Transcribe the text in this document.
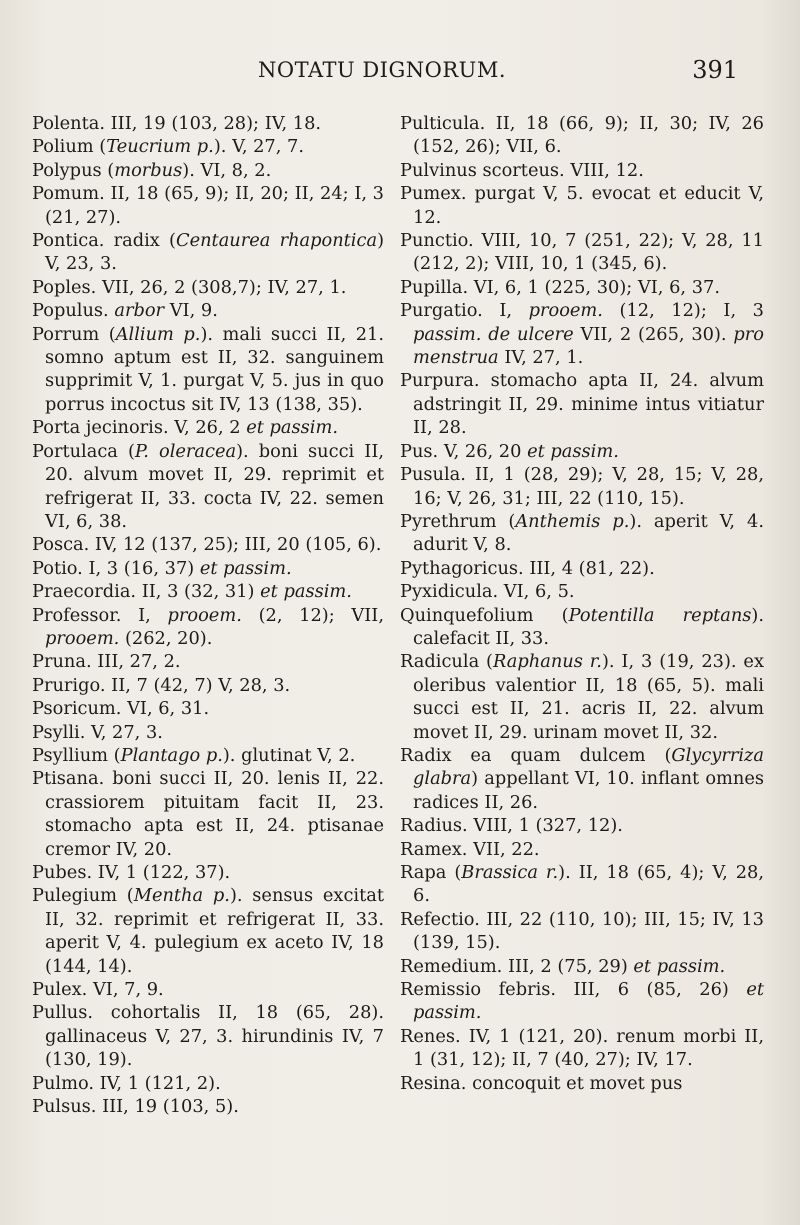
NOTATU DIGNORUM.	391

Polenta. III, 19 (103, 28); IV, 18.

Polium (Teucrium p.). V, 27, 7.

Polypus (morbus). VI, 8, 2.

Pomum. II, 18 (65, 9); II, 20; II, 24; I, 3 (21, 27).

Pontica. radix (Centaurea rhapontica) V, 23, 3.

Poples. VII, 26, 2 (308,7); IV, 27, 1.

Populus. arbor VI, 9.

Porrum (Allium p.). mali succi II, 21. somno aptum est II, 32. sanguinem supprimit V, 1. purgat V, 5. jus in quo porrus incoctus sit IV, 13 (138, 35).

Porta jecinoris. V, 26, 2 et passim.

Portulaca (P. oleracea). boni succi II, 20. alvum movet II, 29. reprimit et refrigerat II, 33. cocta IV, 22. semen VI, 6, 38.

Posca. IV, 12 (137, 25); III, 20 (105, 6).

Potio. I, 3 (16, 37) et passim.

Praecordia. II, 3 (32, 31) et passim.

Professor. I, prooem. (2, 12); VII, prooem. (262, 20).

Pruna. III, 27, 2.

Prurigo. II, 7 (42, 7) V, 28, 3.

Psoricum. VI, 6, 31.

Psylli. V, 27, 3.

Psyllium (Plantago p.). glutinat V, 2.

Ptisana. boni succi II, 20. lenis II, 22. crassiorem pituitam facit II, 23. stomacho apta est II, 24. ptisanae cremor IV, 20.

Pubes. IV, 1 (122, 37).

Pulegium (Mentha p.). sensus excitat II, 32. reprimit et refrigerat II, 33. aperit V, 4. pulegium ex aceto IV, 18 (144, 14).

Pulex. VI, 7, 9.

Pullus. cohortalis II, 18 (65, 28). gallinaceus V, 27, 3. hirundinis IV, 7 (130, 19).

Pulmo. IV, 1 (121, 2).

Pulsus. III, 19 (103, 5).

Pulticula. II, 18 (66, 9); II, 30; IV, 26 (152, 26); VII, 6.

Pulvinus scorteus. VIII, 12.

Pumex. purgat V, 5. evocat et educit V, 12.

Punctio. VIII, 10, 7 (251, 22); V, 28, 11 (212, 2); VIII, 10, 1 (345, 6).

Pupilla. VI, 6, 1 (225, 30); VI, 6, 37.

Purgatio. I, prooem. (12, 12); I, 3 passim. de ulcere VII, 2 (265, 30). pro menstrua IV, 27, 1.

Purpura. stomacho apta II, 24. alvum adstringit II, 29. minime intus vitiatur II, 28.

Pus. V, 26, 20 et passim.

Pusula. II, 1 (28, 29); V, 28, 15; V, 28, 16; V, 26, 31; III, 22 (110, 15).

Pyrethrum (Anthemis p.). aperit V, 4. adurit V, 8.

Pythagoricus. III, 4 (81, 22).

Pyxidicula. VI, 6, 5.

Quinquefolium (Potentilla reptans). calefacit II, 33.

Radicula (Raphanus r.). I, 3 (19, 23). ex oleribus valentior II, 18 (65, 5). mali succi est II, 21. acris II, 22. alvum movet II, 29. urinam movet II, 32.

Radix ea quam dulcem (Glycyrriza glabra) appellant VI, 10. inflant omnes radices II, 26.

Radius. VIII, 1 (327, 12).

Ramex. VII, 22.

Rapa (Brassica r.). II, 18 (65, 4); V, 28, 6.

Refectio. III, 22 (110, 10); III, 15; IV, 13 (139, 15).

Remedium. III, 2 (75, 29) et passim.

Remissio febris. III, 6 (85, 26) et passim.

Renes. IV, 1 (121, 20). renum morbi II, 1 (31, 12); II, 7 (40, 27); IV, 17.

Resina. concoquit et movet pus
